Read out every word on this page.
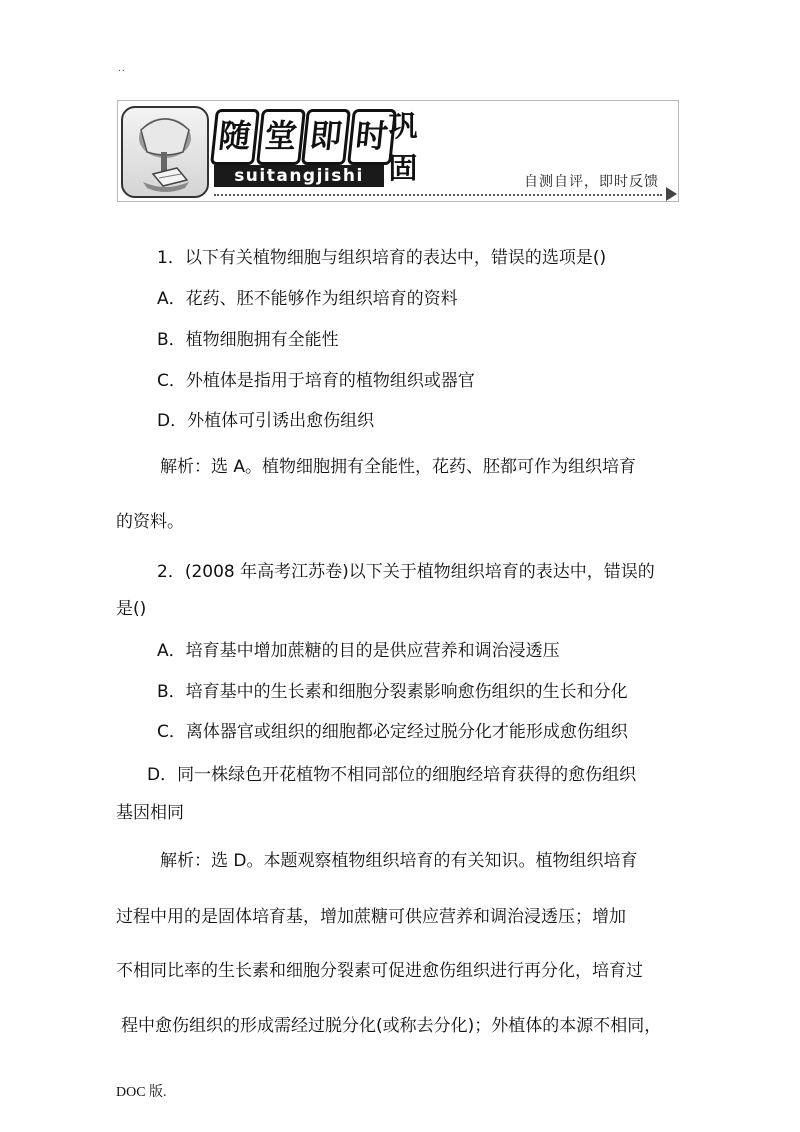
..
随 堂 即 时
suitangjishi
巩
固	自测自评，即时反馈
1．以下有关植物细胞与组织培育的表达中，错误的选项是()
A．花药、胚不能够作为组织培育的资料
B．植物细胞拥有全能性
C．外植体是指用于培育的植物组织或器官
D．外植体可引诱出愈伤组织
解析：选 A。植物细胞拥有全能性，花药、胚都可作为组织培育
的资料。
2．(2008 年高考江苏卷)以下关于植物组织培育的表达中，错误的
是()
A．培育基中增加蔗糖的目的是供应营养和调治浸透压
B．培育基中的生长素和细胞分裂素影响愈伤组织的生长和分化
C．离体器官或组织的细胞都必定经过脱分化才能形成愈伤组织
D．同一株绿色开花植物不相同部位的细胞经培育获得的愈伤组织
基因相同
解析：选 D。本题观察植物组织培育的有关知识。植物组织培育
过程中用的是固体培育基，增加蔗糖可供应营养和调治浸透压；增加
不相同比率的生长素和细胞分裂素可促进愈伤组织进行再分化，培育过
程中愈伤组织的形成需经过脱分化(或称去分化)；外植体的本源不相同，
DOC 版.
